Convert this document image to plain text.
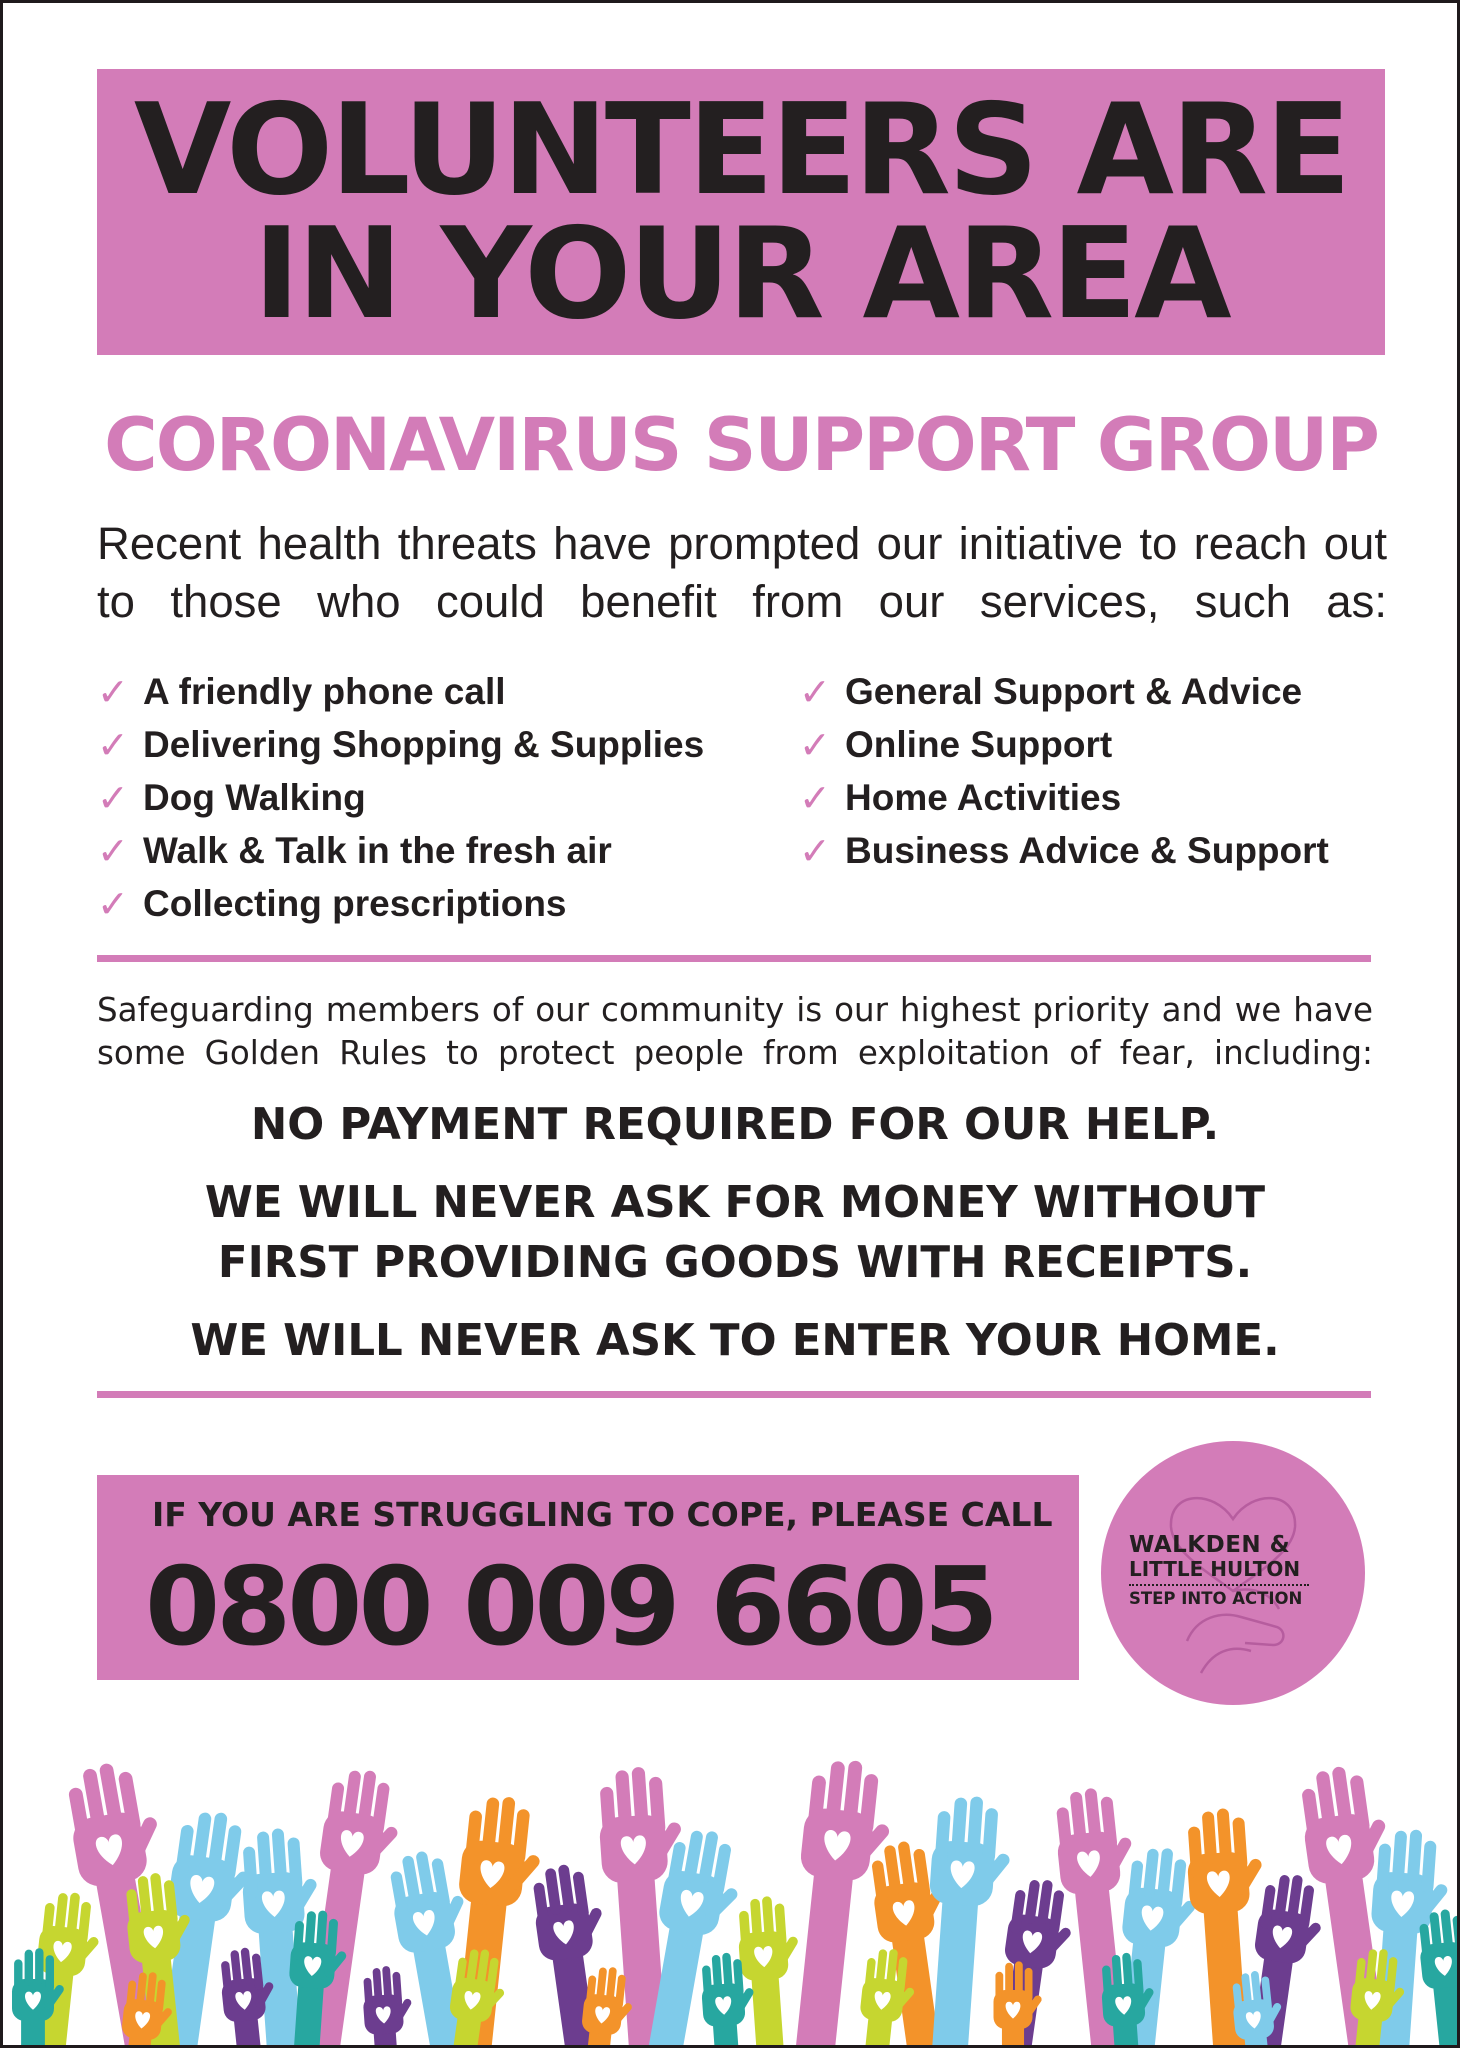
VOLUNTEERS ARE
IN YOUR AREA
CORONAVIRUS SUPPORT GROUP

Recent health threats have prompted our initiative to reach out to those who could benefit from our services, such as:

✓ A friendly phone call
✓ Delivering Shopping & Supplies
✓ Dog Walking
✓ Walk & Talk in the fresh air
✓ Collecting prescriptions
✓ General Support & Advice
✓ Online Support
✓ Home Activities
✓ Business Advice & Support

Safeguarding members of our community is our highest priority and we have some Golden Rules to protect people from exploitation of fear, including:

NO PAYMENT REQUIRED FOR OUR HELP.

WE WILL NEVER ASK FOR MONEY WITHOUT
FIRST PROVIDING GOODS WITH RECEIPTS.

WE WILL NEVER ASK TO ENTER YOUR HOME.

IF YOU ARE STRUGGLING TO COPE, PLEASE CALL

0800 009 6605	WALKDEN &

LITTLE HULTON

STEP INTO ACTION
